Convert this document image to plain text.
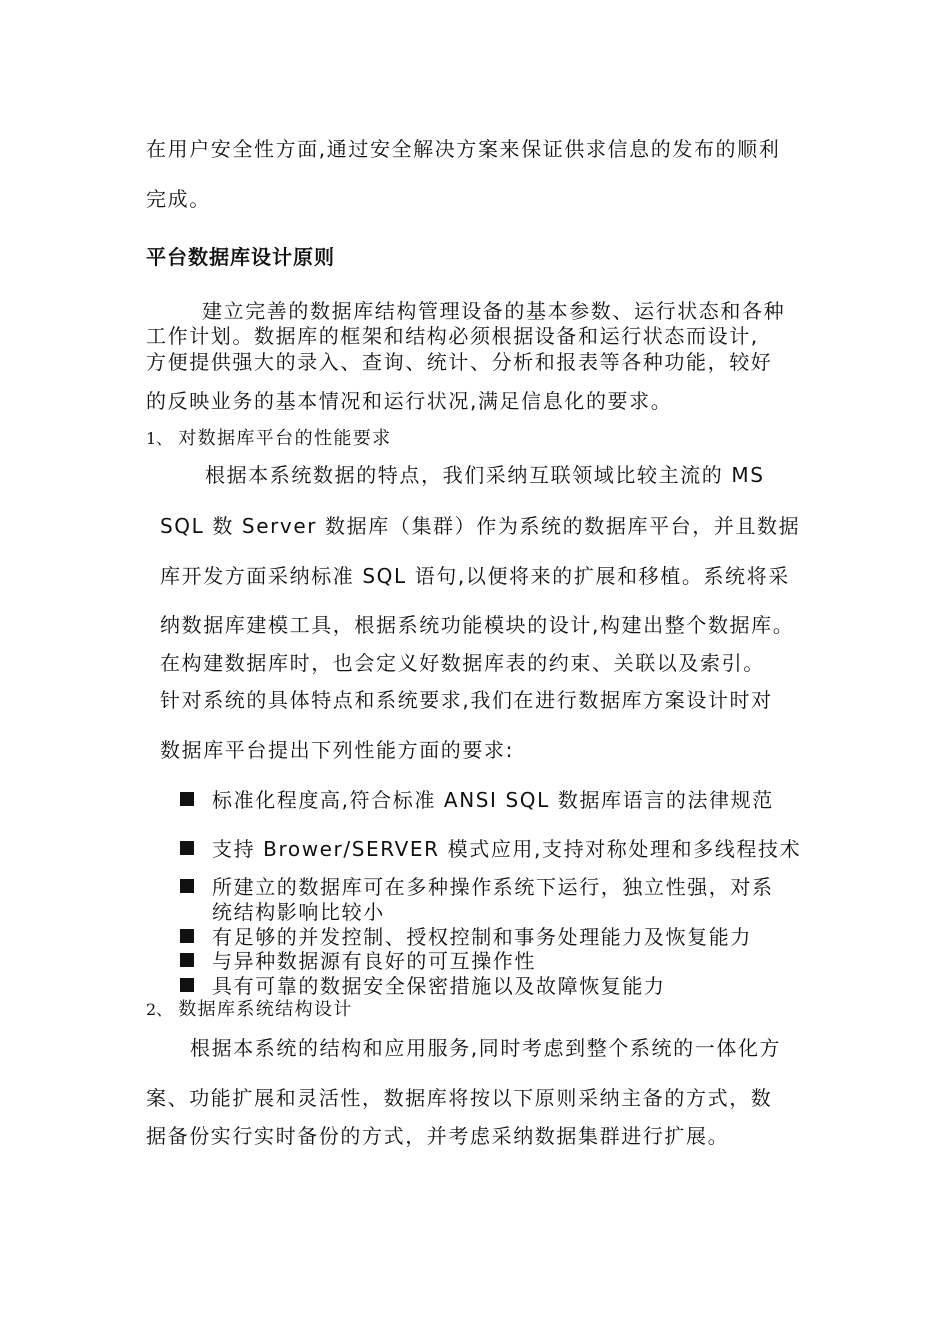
在用户安全性方面,通过安全解决方案来保证供求信息的发布的顺利
完成。
平台数据库设计原则
建立完善的数据库结构管理设备的基本参数、运行状态和各种
工作计划。数据库的框架和结构必须根据设备和运行状态而设计,
方便提供强大的录入、查询、统计、分析和报表等各种功能，较好
的反映业务的基本情况和运行状况,满足信息化的要求。
1、 对数据库平台的性能要求
根据本系统数据的特点，我们采纳互联领域比较主流的 MS
SQL 数 Server 数据库（集群）作为系统的数据库平台，并且数据
库开发方面采纳标准 SQL 语句,以便将来的扩展和移植。系统将采
纳数据库建模工具，根据系统功能模块的设计,构建出整个数据库。
在构建数据库时，也会定义好数据库表的约束、关联以及索引。
针对系统的具体特点和系统要求,我们在进行数据库方案设计时对
数据库平台提出下列性能方面的要求:
标准化程度高,符合标准 ANSI SQL 数据库语言的法律规范
支持 Brower/SERVER 模式应用,支持对称处理和多线程技术
所建立的数据库可在多种操作系统下运行，独立性强，对系
统结构影响比较小
有足够的并发控制、授权控制和事务处理能力及恢复能力
与异种数据源有良好的可互操作性
具有可靠的数据安全保密措施以及故障恢复能力
2、 数据库系统结构设计
根据本系统的结构和应用服务,同时考虑到整个系统的一体化方
案、功能扩展和灵活性，数据库将按以下原则采纳主备的方式，数
据备份实行实时备份的方式，并考虑采纳数据集群进行扩展。
